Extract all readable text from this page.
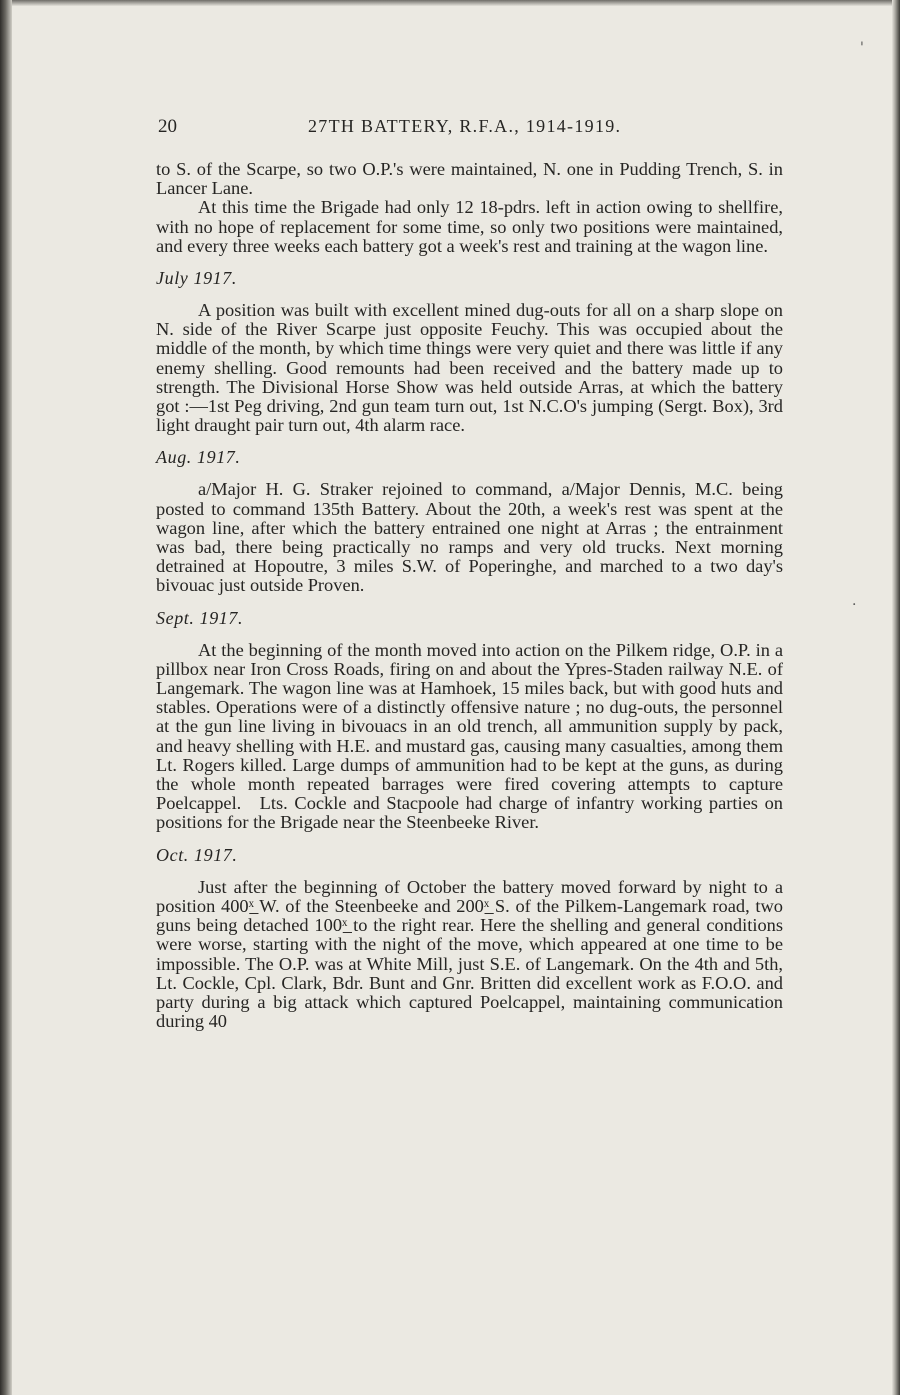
'
·
20	27TH BATTERY, R.F.A., 1914-1919.

to S. of the Scarpe, so two O.P.'s were maintained, N. one in Pudding Trench, S. in Lancer Lane.

At this time the Brigade had only 12 18-pdrs. left in action owing to shellfire, with no hope of replacement for some time, so only two positions were maintained, and every three weeks each battery got a week's rest and training at the wagon line.

July 1917.

A position was built with excellent mined dug-outs for all on a sharp slope on N. side of the River Scarpe just opposite Feuchy. This was occupied about the middle of the month, by which time things were very quiet and there was little if any enemy shelling. Good remounts had been received and the battery made up to strength. The Divisional Horse Show was held outside Arras, at which the battery got :—1st Peg driving, 2nd gun team turn out, 1st N.C.O's jumping (Sergt. Box), 3rd light draught pair turn out, 4th alarm race.

Aug. 1917.

a/Major H. G. Straker rejoined to command, a/Major Dennis, M.C. being posted to command 135th Battery. About the 20th, a week's rest was spent at the wagon line, after which the battery entrained one night at Arras ; the entrainment was bad, there being practically no ramps and very old trucks. Next morning detrained at Hopoutre, 3 miles S.W. of Poperinghe, and marched to a two day's bivouac just outside Proven.

Sept. 1917.

At the beginning of the month moved into action on the Pilkem ridge, O.P. in a pillbox near Iron Cross Roads, firing on and about the Ypres-Staden railway N.E. of Langemark. The wagon line was at Hamhoek, 15 miles back, but with good huts and stables. Operations were of a distinctly offensive nature ; no dug-outs, the personnel at the gun line living in bivouacs in an old trench, all ammunition supply by pack, and heavy shelling with H.E. and mustard gas, causing many casualties, among them Lt. Rogers killed. Large dumps of ammunition had to be kept at the guns, as during the whole month repeated barrages were fired covering attempts to capture Poelcappel. Lts. Cockle and Stacpoole had charge of infantry working parties on positions for the Brigade near the Steenbeeke River.

Oct. 1917.

Just after the beginning of October the battery moved forward by night to a position 400ˣ̲ W. of the Steenbeeke and 200ˣ̲ S. of the Pilkem-Langemark road, two guns being detached 100ˣ̲ to the right rear. Here the shelling and general conditions were worse, starting with the night of the move, which appeared at one time to be impossible. The O.P. was at White Mill, just S.E. of Langemark. On the 4th and 5th, Lt. Cockle, Cpl. Clark, Bdr. Bunt and Gnr. Britten did excellent work as F.O.O. and party during a big attack which captured Poelcappel, maintaining communication during 40
